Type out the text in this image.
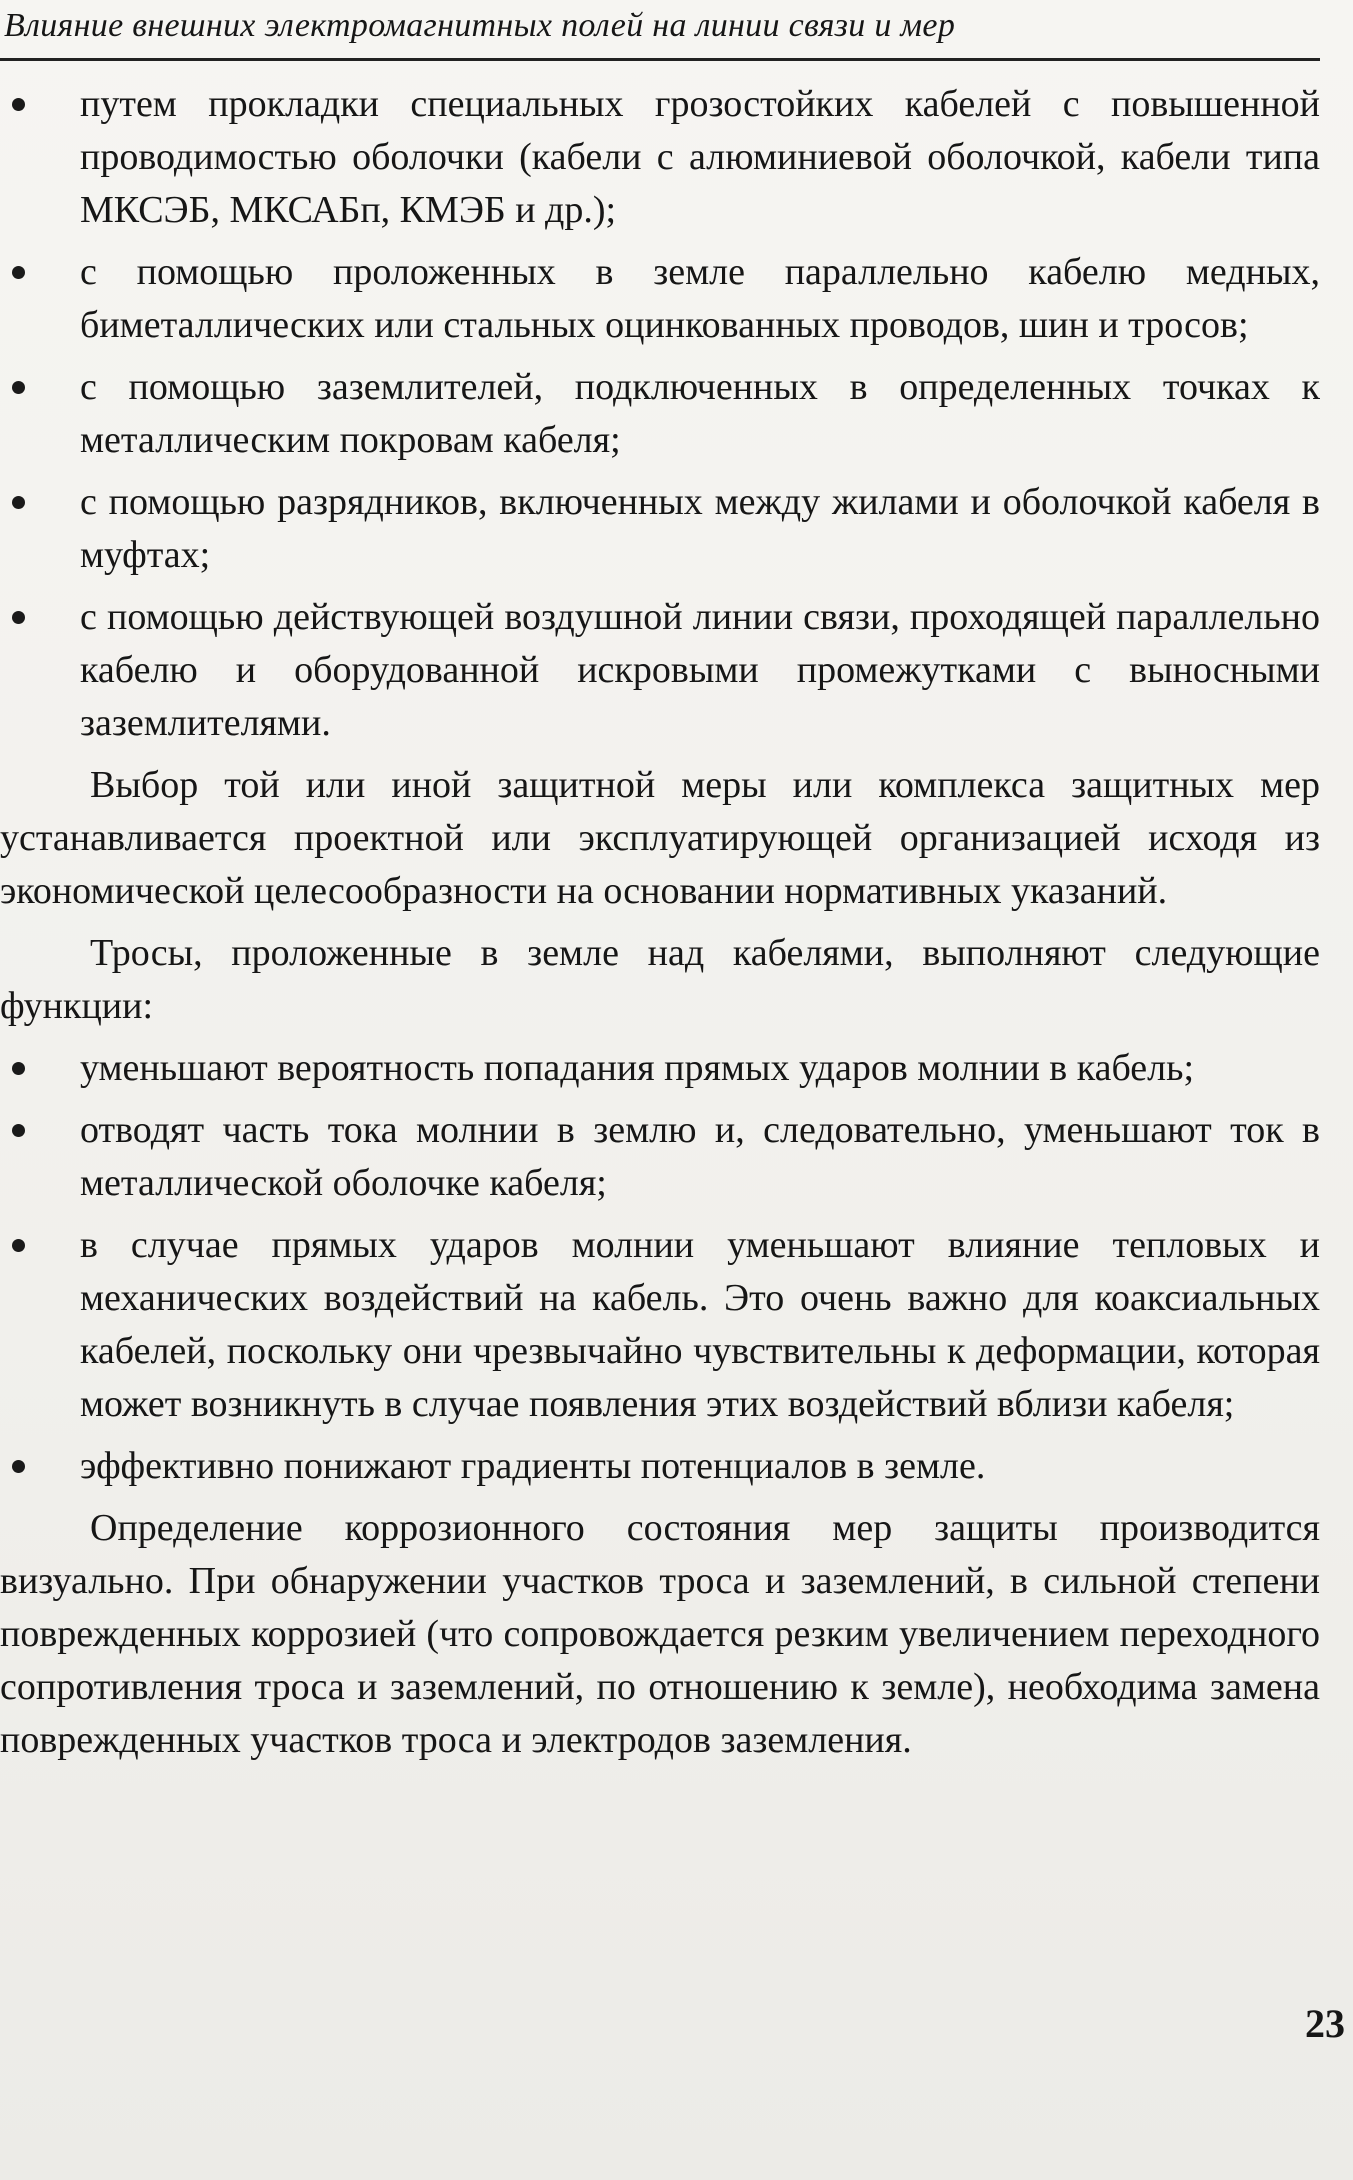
Влияние внешних электромагнитных полей на линии связи и мер
путем прокладки специальных грозостойких кабелей с повышенной проводимостью оболочки (кабели с алюминиевой оболочкой, кабели типа МКСЭБ, МКСАБп, КМЭБ и др.);
с помощью проложенных в земле параллельно кабелю медных, биметаллических или стальных оцинкованных проводов, шин и тросов;
с помощью заземлителей, подключенных в определенных точках к металлическим покровам кабеля;
с помощью разрядников, включенных между жилами и оболочкой кабеля в муфтах;
с помощью действующей воздушной линии связи, проходящей параллельно кабелю и оборудованной искровыми промежутками с выносными заземлителями.

Выбор той или иной защитной меры или комплекса защитных мер устанавливается проектной или эксплуатирующей организацией исходя из экономической целесообразности на основании нормативных указаний.

Тросы, проложенные в земле над кабелями, выполняют следующие функции:

уменьшают вероятность попадания прямых ударов молнии в кабель;
отводят часть тока молнии в землю и, следовательно, уменьшают ток в металлической оболочке кабеля;
в случае прямых ударов молнии уменьшают влияние тепловых и механических воздействий на кабель. Это очень важно для коаксиальных кабелей, поскольку они чрезвычайно чувствительны к деформации, которая может возникнуть в случае появления этих воздействий вблизи кабеля;
эффективно понижают градиенты потенциалов в земле.

Определение коррозионного состояния мер защиты производится визуально. При обнаружении участков троса и заземлений, в сильной степени поврежденных коррозией (что сопровождается резким увеличением переходного сопротивления троса и заземлений, по отношению к земле), необходима замена поврежденных участков троса и электродов заземления.

23
